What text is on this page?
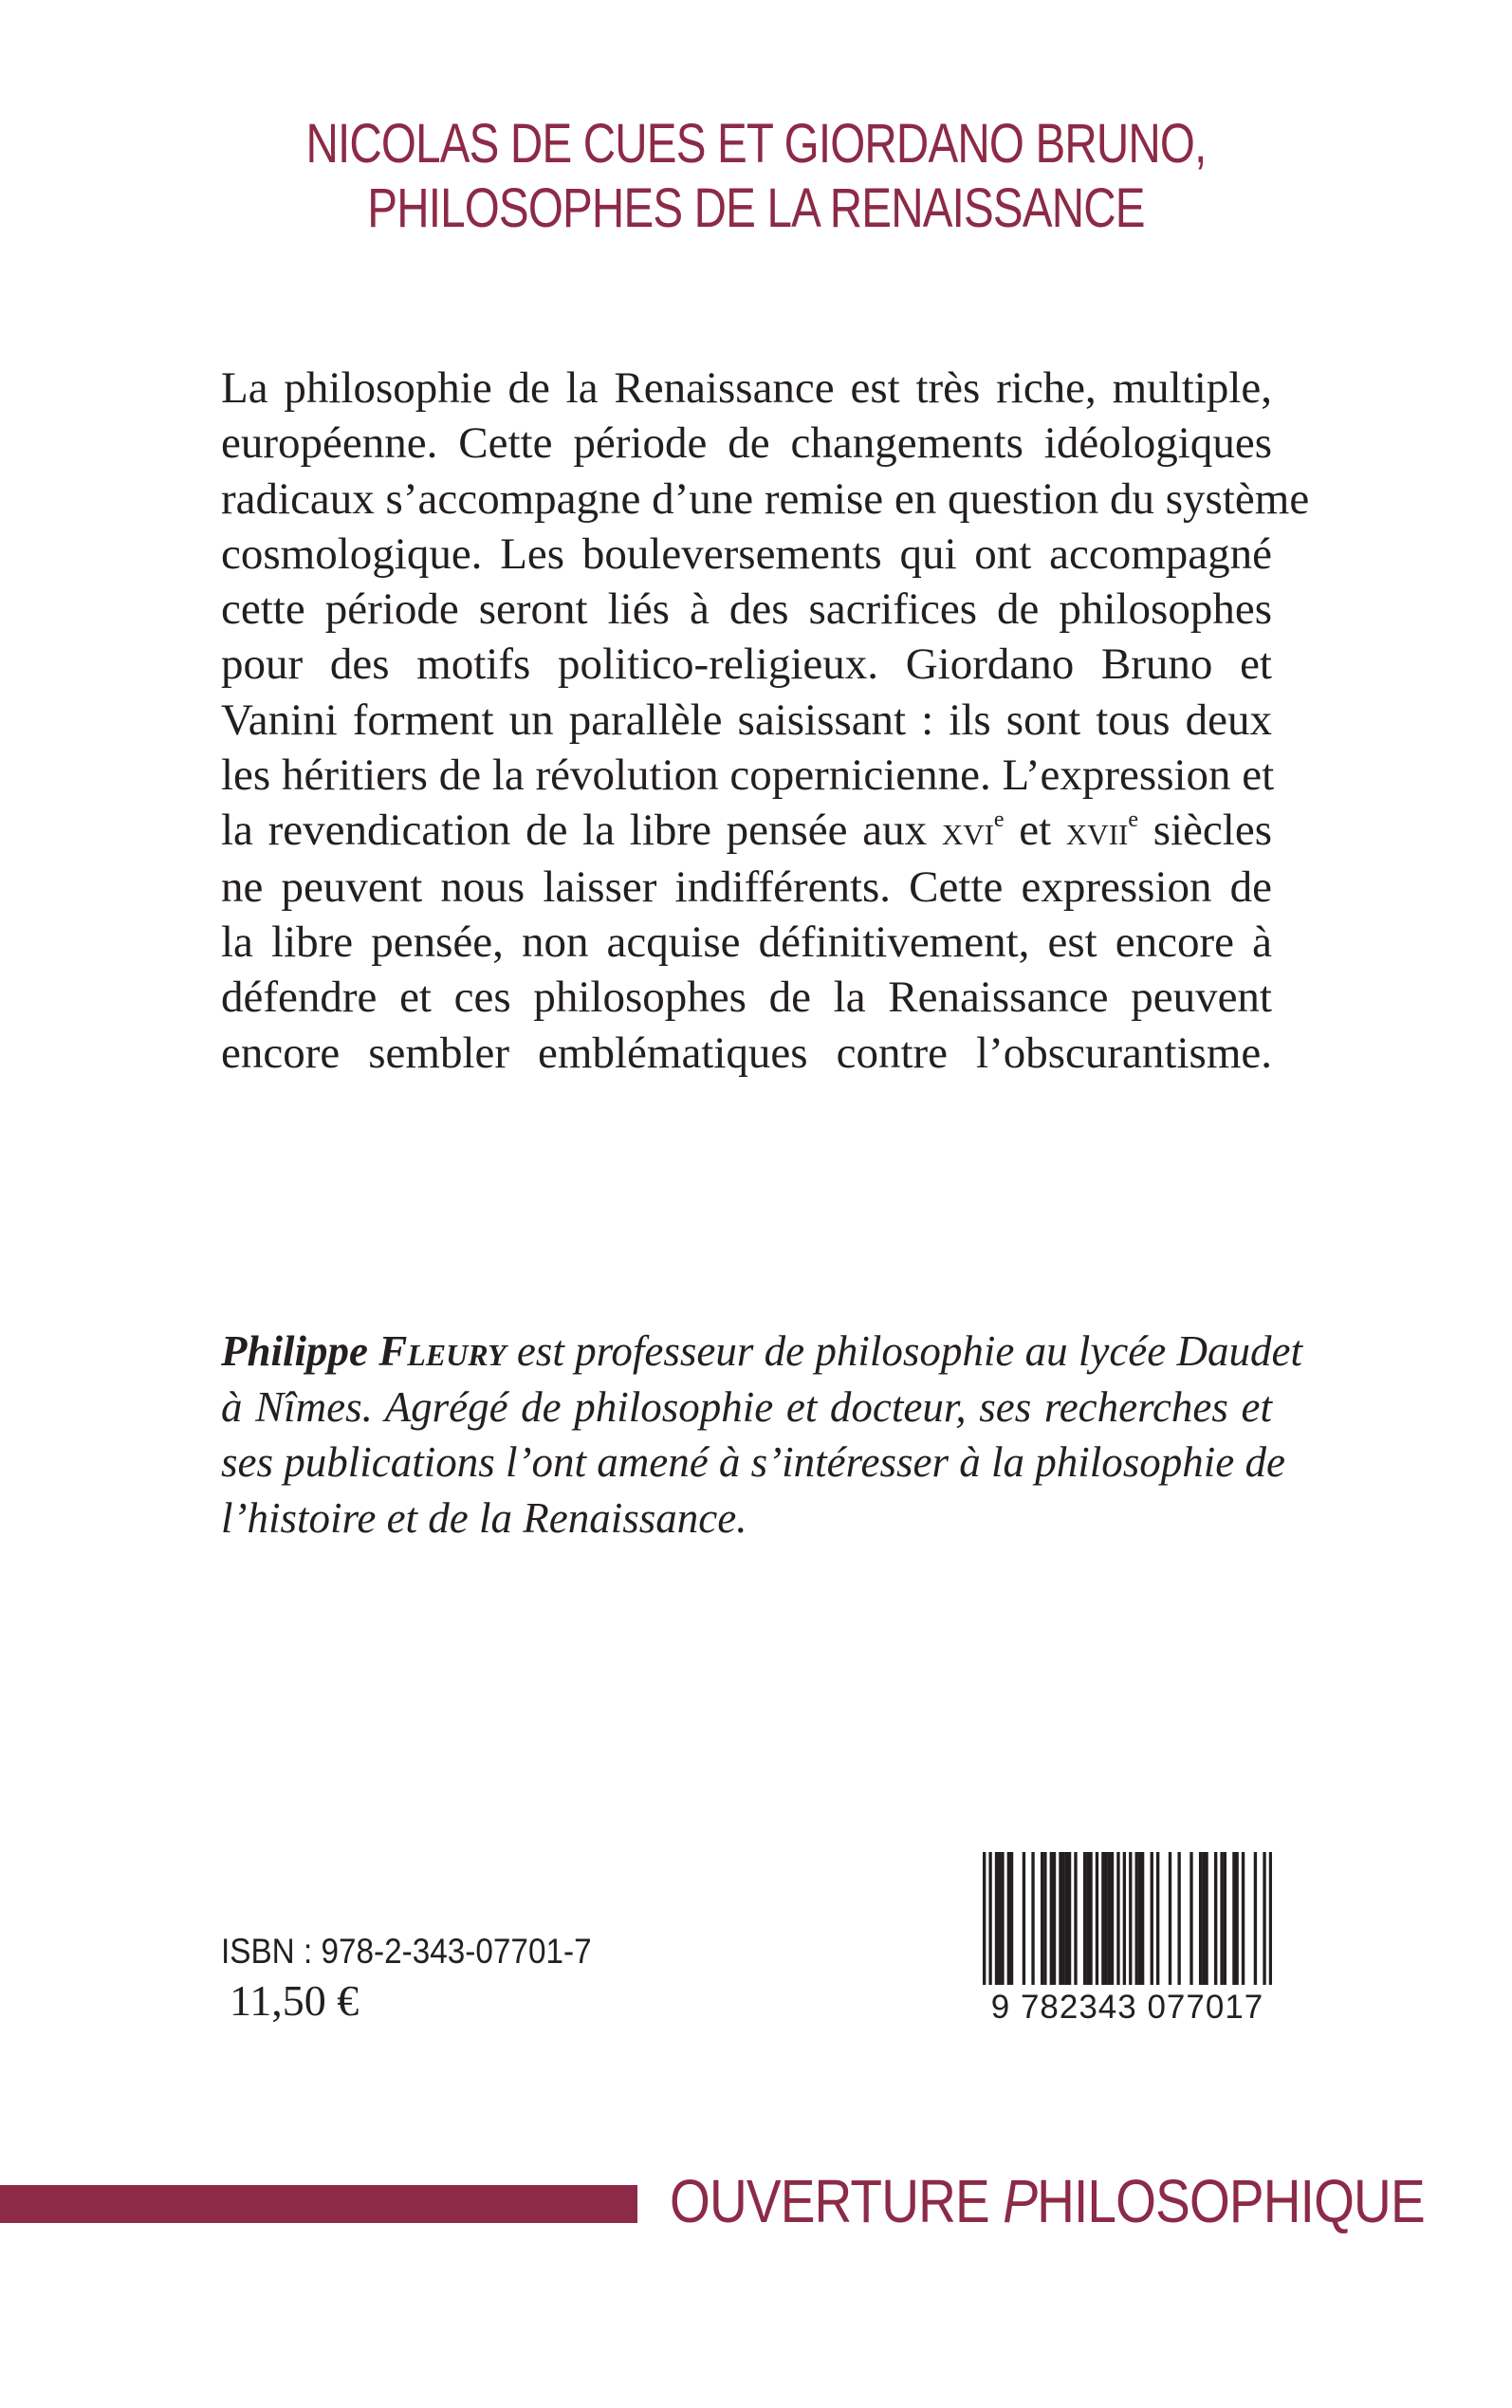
NICOLAS DE CUES ET GIORDANO BRUNO,
PHILOSOPHES DE LA RENAISSANCE
La philosophie de la Renaissance est très riche, multiple,
européenne. Cette période de changements idéologiques
radicaux s’accompagne d’une remise en question du système
cosmologique. Les bouleversements qui ont accompagné
cette période seront liés à des sacrifices de philosophes
pour des motifs politico-religieux. Giordano Bruno et
Vanini forment un parallèle saisissant : ils sont tous deux
les héritiers de la révolution copernicienne. L’expression et
la revendication de la libre pensée aux xvi$^e$ et xvii$^e$ siècles
ne peuvent nous laisser indifférents. Cette expression de
la libre pensée, non acquise définitivement, est encore à
défendre et ces philosophes de la Renaissance peuvent
encore sembler emblématiques contre l’obscurantisme.
Philippe Fleury est professeur de philosophie au lycée Daudet
à Nîmes. Agrégé de philosophie et docteur, ses recherches et
ses publications l’ont amené à s’intéresser à la philosophie de
l’histoire et de la Renaissance.
ISBN : 978-2-343-07701-7
11,50 €	9 782343 077017
OUVERTURE PHILOSOPHIQUE
